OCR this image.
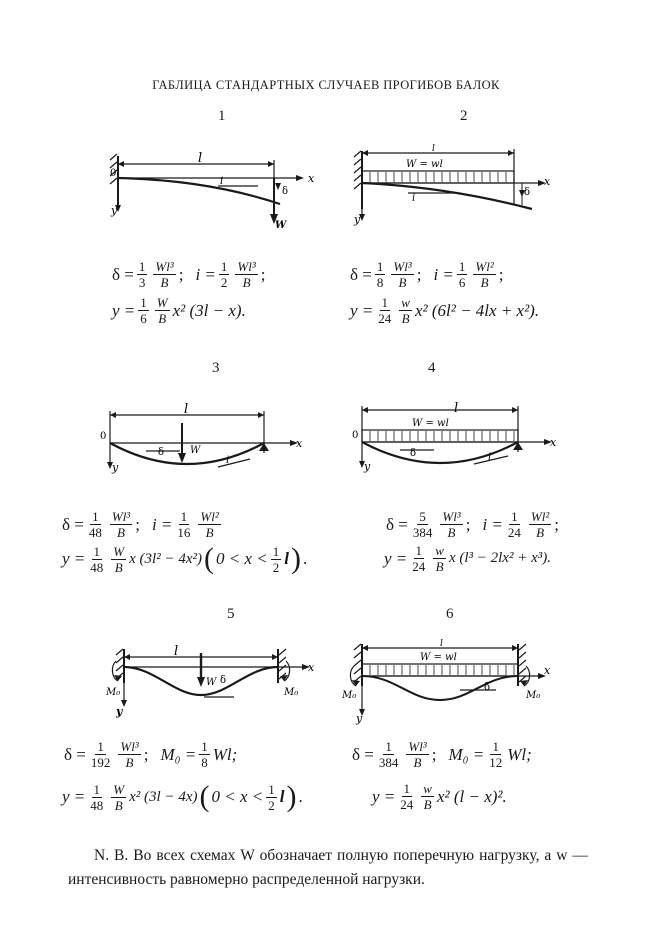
ГАБЛИЦА СТАНДАРТНЫХ СЛУЧАЕВ ПРОГИБОВ БАЛОК
1
l
x
y
0
W
δ
i
$\delta = \frac{1}{3} \frac{\text{Wl³}}{B}$ ; $i = \frac{1}{2} \frac{\text{Wl³}}{B}$ ;
$y = \frac{1}{6} \frac{W}{B} x^2$ (3l − x).
2
l
W = wl
x
y
δ
i
$\delta = \frac{1}{8} \frac{\text{Wl³}}{B}$ ; $i = \frac{1}{6} \frac{\text{Wl²}}{B}$ ;
$y = \frac{1}{24} \frac{w}{B} x^2$ (6l² − 4lx + x²).
3
l
x
y
0
W
δ
i
$\delta = \frac{1}{48} \frac{\text{Wl³}}{B}$ ; $i = \frac{1}{16} \frac{\text{Wl²}}{B}$
$y = \frac{1}{48} \frac{W}{B}$ x (3l² − 4x²) ( $0 < x < \frac{1}{2}$ l ) .
4
l
W = wl
x
y
0
δ	i
$\delta = \frac{5}{384} \frac{\text{Wl³}}{B}$ ; $i = \frac{1}{24} \frac{\text{Wl²}}{B}$ ;
$y = \frac{1}{24} \frac{w}{B}$ x (l³ − 2lx² + x³).
5
l
x
y
M₀	M₀
W δ
$\delta = \frac{1}{192} \frac{\text{Wl³}}{B}$ ; $M_0 = \frac{1}{8} Wl$;
$y = \frac{1}{48} \frac{W}{B} x^2$ (3l − 4x) ( $0 < x < \frac{1}{2}$ l ) .
6
l
W = wl
x
y
M₀	M₀
δ
$\delta = \frac{1}{384} \frac{\text{Wl³}}{B}$ ; $M_0 = \frac{1}{12} Wl$;
$y = \frac{1}{24} \frac{w}{B} x^2$ (l − x)².

N. B. Во всех схемах W обозначает полную поперечную нагрузку, а w — интенсивность равномерно распределенной нагрузки.
